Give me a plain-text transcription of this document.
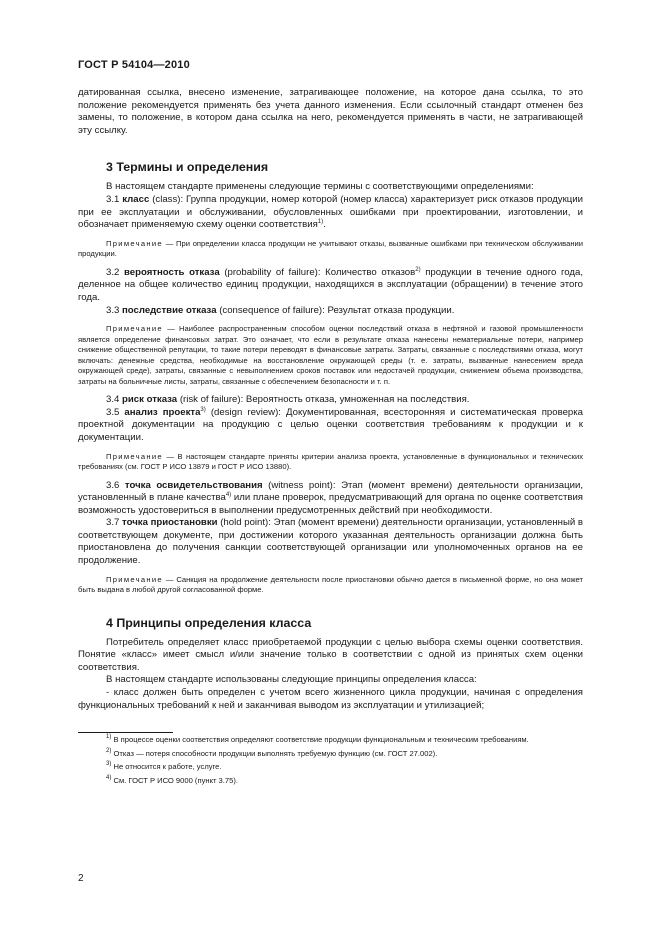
ГОСТ Р 54104—2010

датированная ссылка, внесено изменение, затрагивающее положение, на которое дана ссылка, то это положение рекомендуется применять без учета данного изменения. Если ссылочный стандарт отменен без замены, то положение, в котором дана ссылка на него, рекомендуется применять в части, не затрагивающей эту ссылку.

3 Термины и определения

В настоящем стандарте применены следующие термины с соответствующими определениями:

3.1 класс (class): Группа продукции, номер которой (номер класса) характеризует риск отказов продукции при ее эксплуатации и обслуживании, обусловленных ошибками при проектировании, изготовлении, и обозначает применяемую схему оценки соответствия$^{1)}$.

Примечание — При определении класса продукции не учитывают отказы, вызванные ошибками при техническом обслуживании продукции.

3.2 вероятность отказа (probability of failure): Количество отказов$^{2)}$ продукции в течение одного года, деленное на общее количество единиц продукции, находящихся в эксплуатации (обращении) в течение этого года.

3.3 последствие отказа (consequence of failure): Результат отказа продукции.

Примечание — Наиболее распространенным способом оценки последствий отказа в нефтяной и газовой промышленности является определение финансовых затрат. Это означает, что если в результате отказа нанесены нематериальные потери, например снижение общественной репутации, то такие потери переводят в финансовые затраты. Затраты, связанные с последствиями отказа, могут включать: денежные средства, необходимые на восстановление окружающей среды (т. е. затраты, вызванные нанесением вреда окружающей среде), затраты, связанные с невыполнением сроков поставок или недостачей продукции, снижением объема производства, затраты на больничные листы, затраты, связанные с обеспечением безопасности и т. п.

3.4 риск отказа (risk of failure): Вероятность отказа, умноженная на последствия.

3.5 анализ проекта$^{3)}$ (design review): Документированная, всесторонняя и систематическая проверка проектной документации на продукцию с целью оценки соответствия требованиям к продукции и к документации.

Примечание — В настоящем стандарте приняты критерии анализа проекта, установленные в функциональных и технических требованиях (см. ГОСТ Р ИСО 13879 и ГОСТ Р ИСО 13880).

3.6 точка освидетельствования (witness point): Этап (момент времени) деятельности организации, установленный в плане качества$^{4)}$ или плане проверок, предусматривающий для органа по оценке соответствия возможность удостовериться в выполнении предусмотренных действий при необходимости.

3.7 точка приостановки (hold point): Этап (момент времени) деятельности организации, установленный в соответствующем документе, при достижении которого указанная деятельность организации должна быть приостановлена до получения санкции соответствующей организации или уполномоченных органов на ее продолжение.

Примечание — Санкция на продолжение деятельности после приостановки обычно дается в письменной форме, но она может быть выдана в любой другой согласованной форме.

4 Принципы определения класса

Потребитель определяет класс приобретаемой продукции с целью выбора схемы оценки соответствия. Понятие «класс» имеет смысл и/или значение только в соответствии с одной из принятых схем оценки соответствия.

В настоящем стандарте использованы следующие принципы определения класса:

- класс должен быть определен с учетом всего жизненного цикла продукции, начиная с определения функциональных требований к ней и заканчивая выводом из эксплуатации и утилизацией;

$^{1)}$ В процессе оценки соответствия определяют соответствие продукции функциональным и техническим требованиям.

$^{2)}$ Отказ — потеря способности продукции выполнять требуемую функцию (см. ГОСТ 27.002).

$^{3)}$ Не относится к работе, услуге.

$^{4)}$ См. ГОСТ Р ИСО 9000 (пункт 3.75).

2
